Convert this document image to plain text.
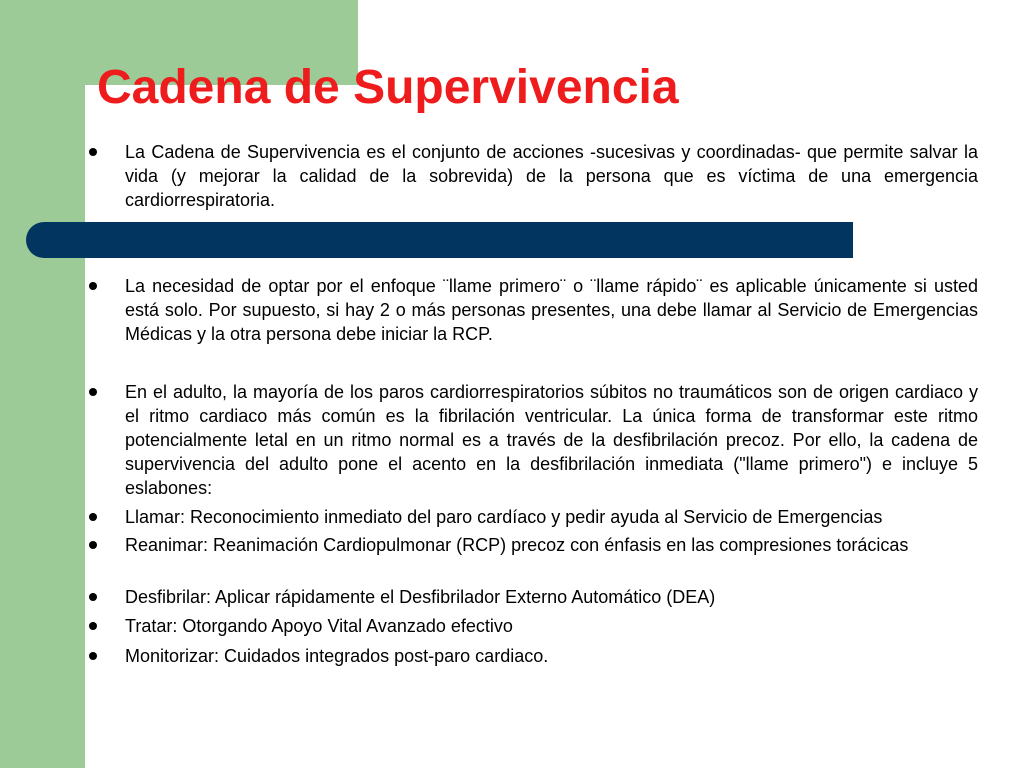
Cadena de Supervivencia
La Cadena de Supervivencia es el conjunto de acciones -sucesivas y coordinadas- que permite salvar la vida (y mejorar la calidad de la sobrevida) de la persona que es víctima de una emergencia cardiorrespiratoria.
La necesidad de optar por el enfoque ¨llame primero¨ o ¨llame rápido¨ es aplicable únicamente si usted está solo. Por supuesto, si hay 2 o más personas presentes, una debe llamar al Servicio de Emergencias Médicas y la otra persona debe iniciar la RCP.
En el adulto, la mayoría de los paros cardiorrespiratorios súbitos no traumáticos son de origen cardiaco y el ritmo cardiaco más común es la fibrilación ventricular. La única forma de transformar este ritmo potencialmente letal en un ritmo normal es a través de la desfibrilación precoz. Por ello, la cadena de supervivencia del adulto pone el acento en la desfibrilación inmediata ("llame primero") e incluye 5 eslabones:
Llamar: Reconocimiento inmediato del paro cardíaco y pedir ayuda al Servicio de Emergencias
Reanimar: Reanimación Cardiopulmonar (RCP) precoz con énfasis en las compresiones torácicas
Desfibrilar: Aplicar rápidamente el Desfibrilador Externo Automático (DEA)
Tratar: Otorgando Apoyo Vital Avanzado efectivo
Monitorizar: Cuidados integrados post-paro cardiaco.
